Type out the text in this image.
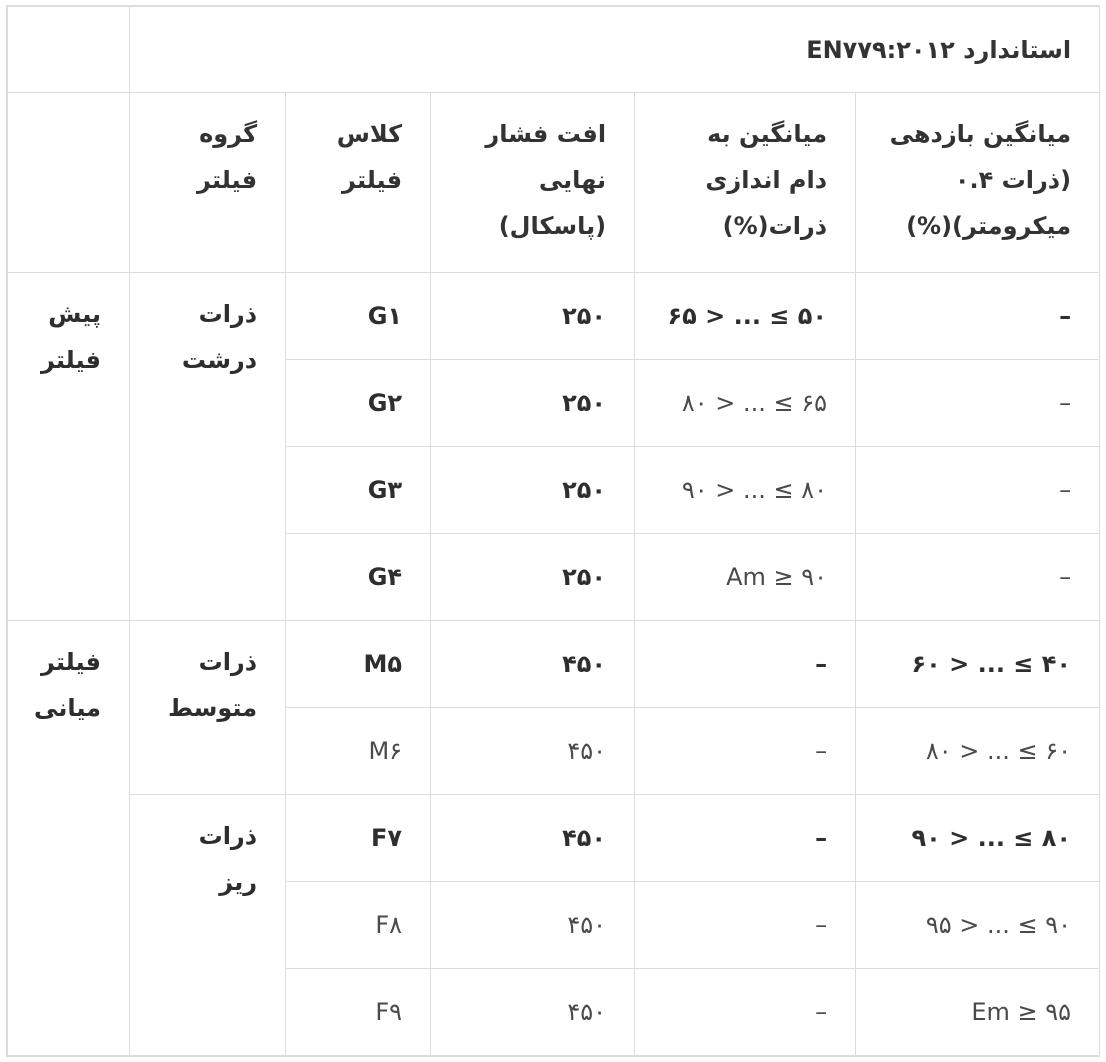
استاندارد EN۷۷۹:۲۰۱۲					
میانگین بازدهی (ذرات ۰.۴ میکرومتر)(%)	میانگین به دام اندازی ذرات(%)	افت فشار نهایی (پاسکال)	کلاس فیلتر	گروه فیلتر	
–	۶۵ > ... ≤ ۵۰	۲۵۰	G۱	ذرات درشت	پیش فیلتر
–	۸۰ > ... ≤ ۶۵	۲۵۰	G۲		
–	۹۰ > ... ≤ ۸۰	۲۵۰	G۳		
–	Am ≥ ۹۰	۲۵۰	G۴		
۶۰ > ... ≤ ۴۰	–	۴۵۰	M۵	ذرات متوسط	فیلتر میانی
۸۰ > ... ≤ ۶۰	–	۴۵۰	M۶		
۹۰ > ... ≤ ۸۰	–	۴۵۰	F۷	ذرات ریز	
۹۵ > ... ≤ ۹۰	–	۴۵۰	F۸		
Em ≥ ۹۵	–	۴۵۰	F۹		
